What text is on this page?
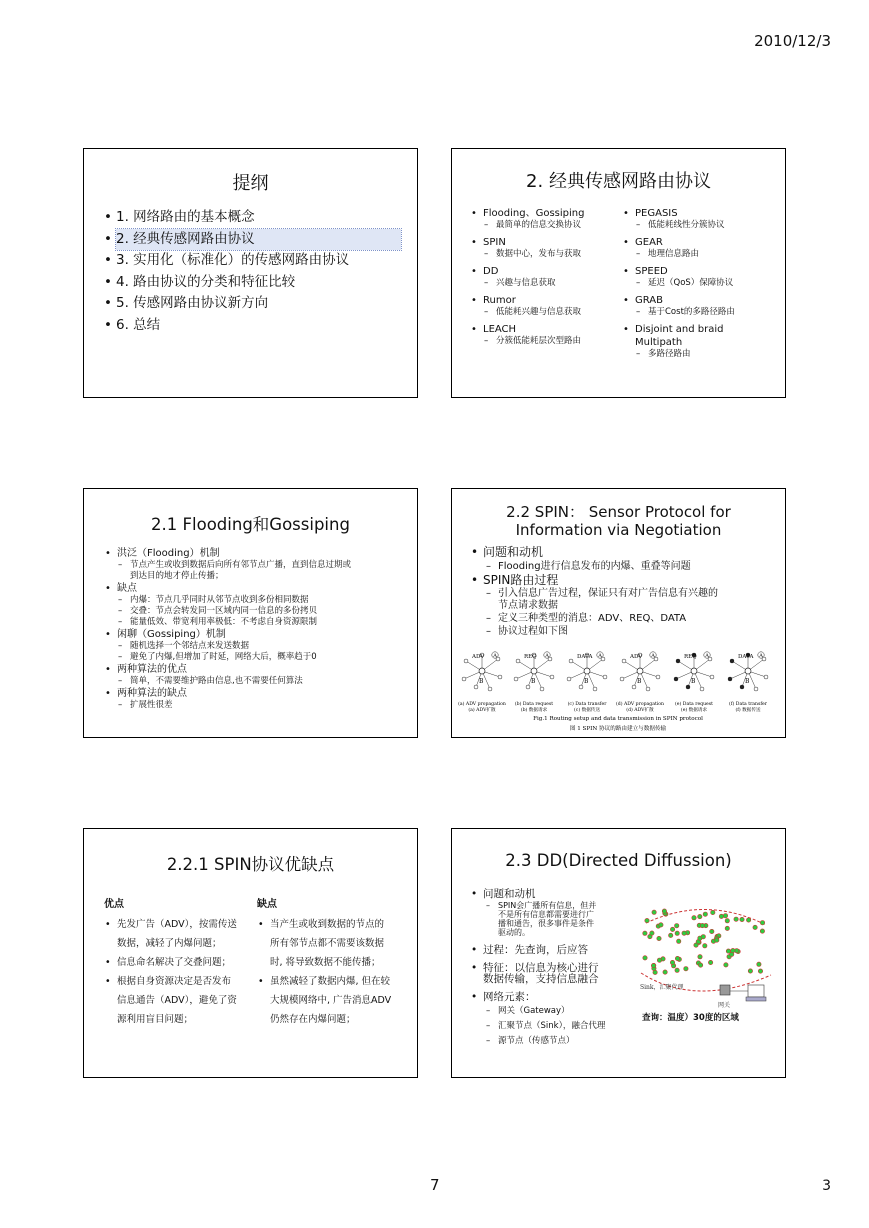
2010/12/3
提纲
• 1. 网络路由的基本概念
• 2. 经典传感网路由协议
• 3. 实用化（标准化）的传感网路由协议
• 4. 路由协议的分类和特征比较
• 5. 传感网路由协议新方向
• 6. 总结
2. 经典传感网路由协议
• Flooding、Gossiping
– 最简单的信息交换协议
• SPIN
– 数据中心，发布与获取
• DD
– 兴趣与信息获取
• Rumor
– 低能耗兴趣与信息获取
• LEACH
– 分簇低能耗层次型路由
• PEGASIS
– 低能耗线性分簇协议
• GEAR
– 地理信息路由
• SPEED
– 延迟（QoS）保障协议
• GRAB
– 基于Cost的多路径路由
• Disjoint and braid
Multipath
– 多路径路由
2.1 Flooding和Gossiping
• 洪泛（Flooding）机制
– 节点产生或收到数据后向所有邻节点广播，直到信息过期或
到达目的地才停止传播；
• 缺点
– 内爆：节点几乎同时从邻节点收到多份相同数据
– 交叠：节点会转发同一区域内同一信息的多份拷贝
– 能量低效、带宽利用率极低：不考虑自身资源限制
• 闲聊（Gossiping）机制
– 随机选择一个邻结点来发送数据
– 避免了内爆,但增加了时延，网络大后，概率趋于0
• 两种算法的优点
– 简单，不需要维护路由信息,也不需要任何算法
• 两种算法的缺点
– 扩展性很差
2.2 SPIN： Sensor Protocol for
Information via Negotiation
• 问题和动机
– Flooding进行信息发布的内爆、重叠等问题
• SPIN路由过程
– 引入信息广告过程，保证只有对广告信息有兴趣的
节点请求数据
– 定义三种类型的消息：ADV、REQ、DATA
– 协议过程如下图
ADV
B
A
(a) ADV propagation
(a) ADV扩散
REQ
B
A
(b) Data request
(b) 数据请求
DATA
B
A
(c) Data transfer
(c) 数据传送
ADV
B
A
(d) ADV propagation
(d) ADV扩散
REQ
B
A
(e) Data request
(e) 数据请求
DATA
B
A
(f) Data transfer
(f) 数据传送
Fig.1 Routing setup and data transmission in SPIN protocol
图 1 SPIN 协议的路由建立与数据传输
2.2.1 SPIN协议优缺点
优点	缺点
• 先发广告（ADV），按需传送
数据，减轻了内爆问题；
• 信息命名解决了交叠问题；
• 根据自身资源决定是否发布
信息通告（ADV），避免了资
源利用盲目问题；
• 当产生或收到数据的节点的
所有邻节点都不需要该数据
时, 将导致数据不能传播；
• 虽然减轻了数据内爆, 但在较
大规模网络中, 广告消息ADV
仍然存在内爆问题；
2.3 DD(Directed Diffussion)
• 问题和动机
– SPIN会广播所有信息，但并
不是所有信息都需要进行广
播和通告，很多事件是条件
驱动的。
• 过程：先查询，后应答
• 特征：以信息为核心进行
数据传输，支持信息融合
• 网络元素：
– 网关（Gateway）
– 汇聚节点（Sink），融合代理
– 源节点（传感节点）
Sink，汇聚代理
网关
查询：温度）30度的区域
7	3
